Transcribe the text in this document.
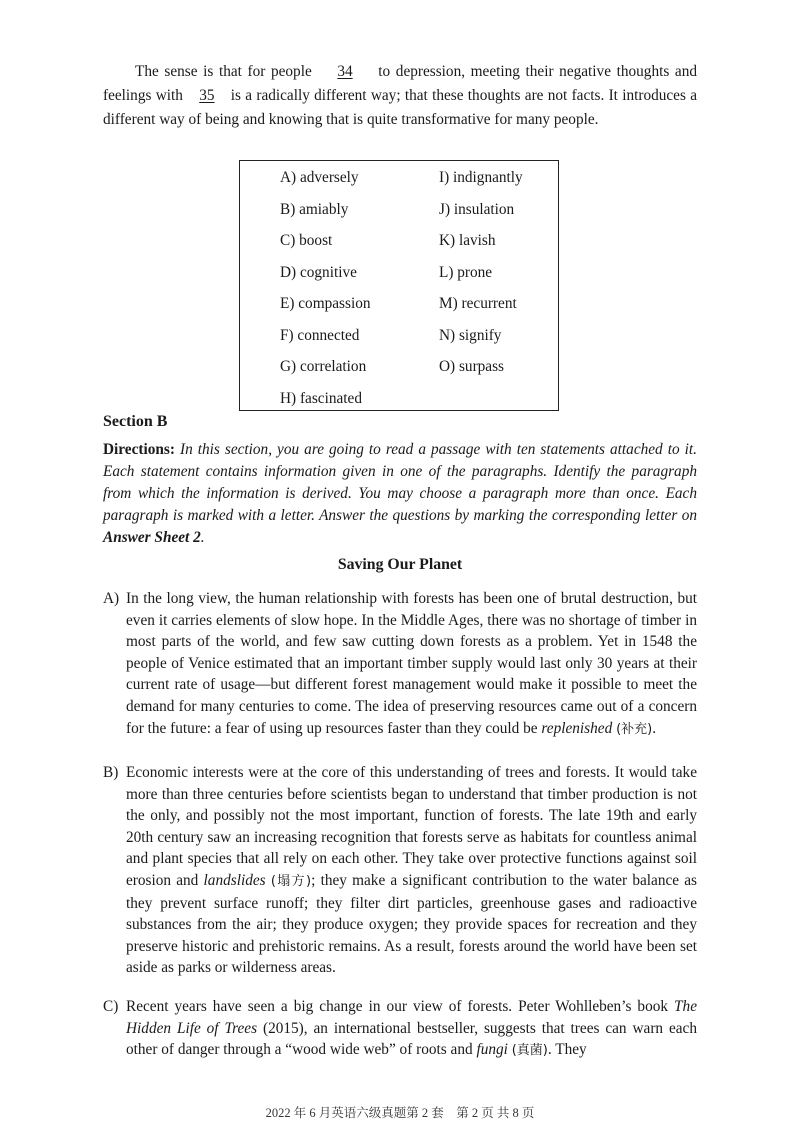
The sense is that for people 34 to depression, meeting their negative thoughts and feelings with 35 is a radically different way; that these thoughts are not facts. It introduces a different way of being and knowing that is quite transformative for many people.
A) adversely
B) amiably
C) boost
D) cognitive
E) compassion
F) connected
G) correlation
H) fascinated
I) indignantly
J) insulation
K) lavish
L) prone
M) recurrent
N) signify
O) surpass
Section B
Directions: In this section, you are going to read a passage with ten statements attached to it. Each statement contains information given in one of the paragraphs. Identify the paragraph from which the information is derived. You may choose a paragraph more than once. Each paragraph is marked with a letter. Answer the questions by marking the corresponding letter on Answer Sheet 2.
Saving Our Planet
A) In the long view, the human relationship with forests has been one of brutal destruction, but even it carries elements of slow hope. In the Middle Ages, there was no shortage of timber in most parts of the world, and few saw cutting down forests as a problem. Yet in 1548 the people of Venice estimated that an important timber supply would last only 30 years at their current rate of usage—but different forest management would make it possible to meet the demand for many centuries to come. The idea of preserving resources came out of a concern for the future: a fear of using up resources faster than they could be replenished (补充).
B) Economic interests were at the core of this understanding of trees and forests. It would take more than three centuries before scientists began to understand that timber production is not the only, and possibly not the most important, function of forests. The late 19th and early 20th century saw an increasing recognition that forests serve as habitats for countless animal and plant species that all rely on each other. They take over protective functions against soil erosion and landslides (塌方); they make a significant contribution to the water balance as they prevent surface runoff; they filter dirt particles, greenhouse gases and radioactive substances from the air; they produce oxygen; they provide spaces for recreation and they preserve historic and prehistoric remains. As a result, forests around the world have been set aside as parks or wilderness areas.
C) Recent years have seen a big change in our view of forests. Peter Wohlleben’s book The Hidden Life of Trees (2015), an international bestseller, suggests that trees can warn each other of danger through a “wood wide web” of roots and fungi (真菌). They
2022 年 6 月英语六级真题第 2 套　第 2 页 共 8 页
